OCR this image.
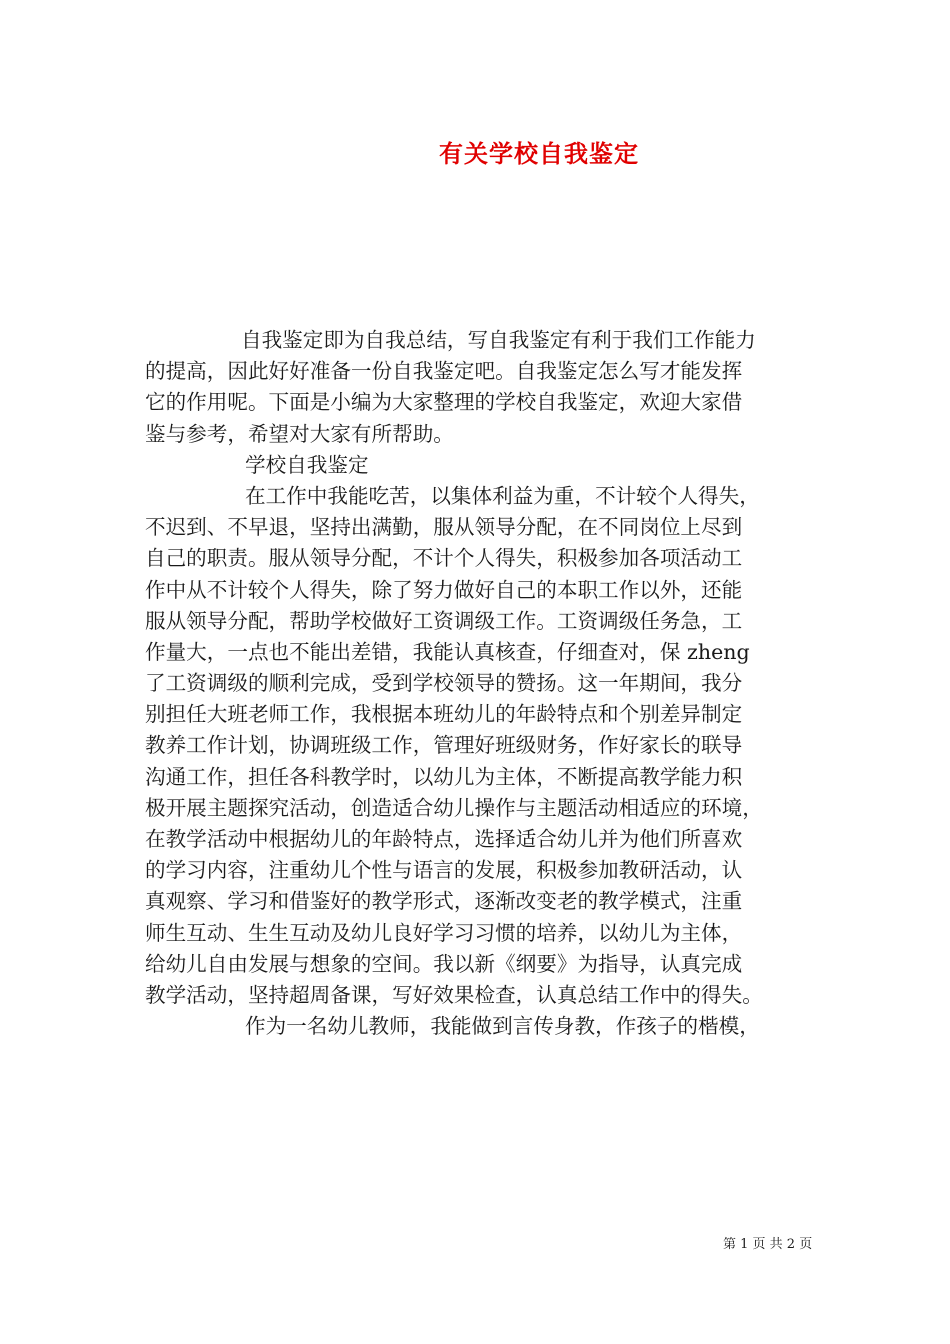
有关学校自我鉴定
自我鉴定即为自我总结，写自我鉴定有利于我们工作能力
的提高，因此好好准备一份自我鉴定吧。自我鉴定怎么写才能发挥
它的作用呢。下面是小编为大家整理的学校自我鉴定，欢迎大家借
鉴与参考，希望对大家有所帮助。
学校自我鉴定
在工作中我能吃苦，以集体利益为重，不计较个人得失，
不迟到、不早退，坚持出满勤，服从领导分配，在不同岗位上尽到
自己的职责。服从领导分配，不计个人得失，积极参加各项活动工
作中从不计较个人得失，除了努力做好自己的本职工作以外，还能
服从领导分配，帮助学校做好工资调级工作。工资调级任务急，工
作量大，一点也不能出差错，我能认真核查，仔细查对，保 zheng
了工资调级的顺利完成，受到学校领导的赞扬。这一年期间，我分
别担任大班老师工作，我根据本班幼儿的年龄特点和个别差异制定
教养工作计划，协调班级工作，管理好班级财务，作好家长的联导
沟通工作，担任各科教学时，以幼儿为主体，不断提高教学能力积
极开展主题探究活动，创造适合幼儿操作与主题活动相适应的环境，
在教学活动中根据幼儿的年龄特点，选择适合幼儿并为他们所喜欢
的学习内容，注重幼儿个性与语言的发展，积极参加教研活动，认
真观察、学习和借鉴好的教学形式，逐渐改变老的教学模式，注重
师生互动、生生互动及幼儿良好学习习惯的培养，以幼儿为主体，
给幼儿自由发展与想象的空间。我以新《纲要》为指导，认真完成
教学活动，坚持超周备课，写好效果检查，认真总结工作中的得失。
作为一名幼儿教师，我能做到言传身教，作孩子的楷模，
第 1 页 共 2 页
